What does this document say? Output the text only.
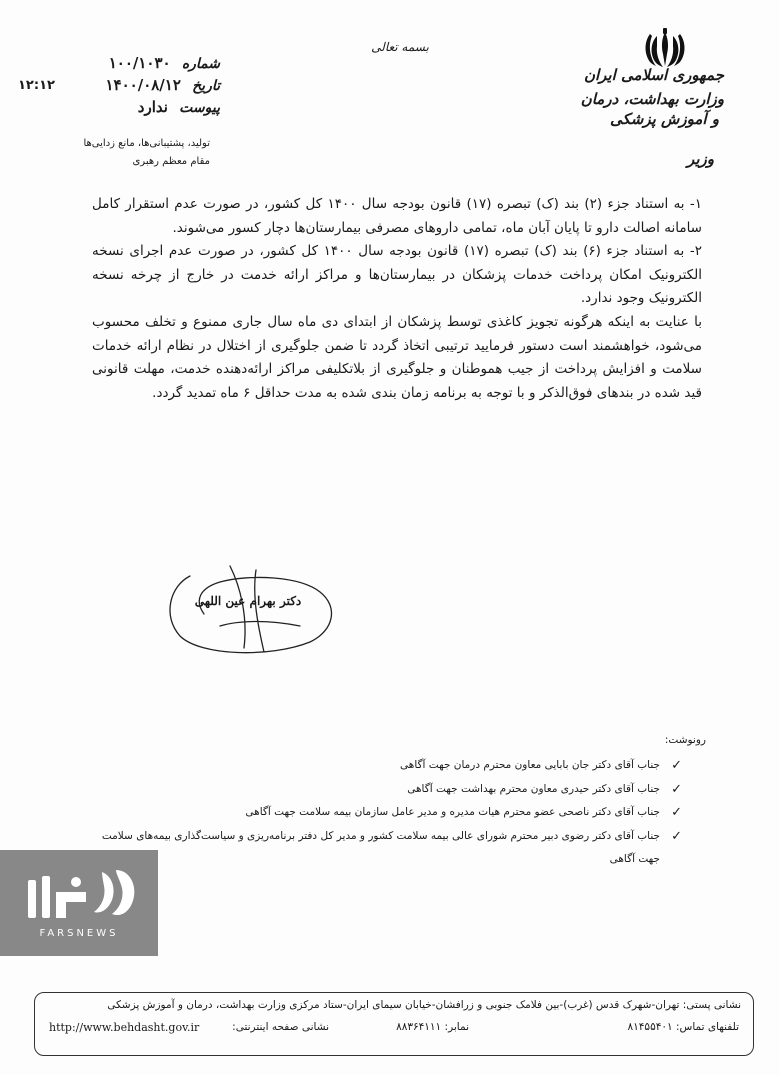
جمهوری اسلامی ایران
وزارت بهداشت، درمان
و آموزش پزشکی
وزیر
بسمه تعالی
شماره ۱۰۰/۱۰۳۰
تاریخ ۱۴۰۰/۰۸/۱۲
پیوست ندارد
۱۲:۱۲
تولید، پشتیبانی‌ها، مانع زدایی‌ها
مقام معظم رهبری

۱- به استناد جزء (۲) بند (ک) تبصره (۱۷) قانون بودجه سال ۱۴۰۰ کل کشور، در صورت عدم استقرار کامل سامانه اصالت دارو تا پایان آبان ماه، تمامی داروهای مصرفی بیمارستان‌ها دچار کسور می‌شوند.

۲- به استناد جزء (۶) بند (ک) تبصره (۱۷) قانون بودجه سال ۱۴۰۰ کل کشور، در صورت عدم اجرای نسخه الکترونیک امکان پرداخت خدمات پزشکان در بیمارستان‌ها و مراکز ارائه خدمت در خارج از چرخه نسخه الکترونیک وجود ندارد.

با عنایت به اینکه هرگونه تجویز کاغذی توسط پزشکان از ابتدای دی ماه سال جاری ممنوع و تخلف محسوب می‌شود، خواهشمند است دستور فرمایید ترتیبی اتخاذ گردد تا ضمن جلوگیری از اختلال در نظام ارائه خدمات سلامت و افزایش پرداخت از جیب هموطنان و جلوگیری از بلاتکلیفی مراکز ارائه‌دهنده خدمت، مهلت قانونی قید شده در بندهای فوق‌الذکر و با توجه به برنامه زمان بندی شده به مدت حداقل ۶ ماه تمدید گردد.

دکتر بهرام عین اللهی
رونوشت:
✓
جناب آقای دکتر جان بابایی معاون محترم درمان جهت آگاهی
✓
جناب آقای دکتر حیدری معاون محترم بهداشت جهت آگاهی
✓
جناب آقای دکتر ناصحی عضو محترم هیات مدیره و مدیر عامل سازمان بیمه سلامت جهت آگاهی
✓
جناب آقای دکتر رضوی دبیر محترم شورای عالی بیمه سلامت کشور و مدیر کل دفتر برنامه‌ریزی و سیاست‌گذاری بیمه‌های سلامت جهت آگاهی
FARSNEWS
نشانی پستی: تهران-شهرک قدس (غرب)-بین فلامک جنوبی و زرافشان-خیابان سیمای ایران-ستاد مرکزی وزارت بهداشت، درمان و آموزش پزشکی
تلفنهای تماس: ۸۱۴۵۵۴۰۱
نمابر: ۸۸۳۶۴۱۱۱
نشانی صفحه اینترنتی:
http://www.behdasht.gov.ir
